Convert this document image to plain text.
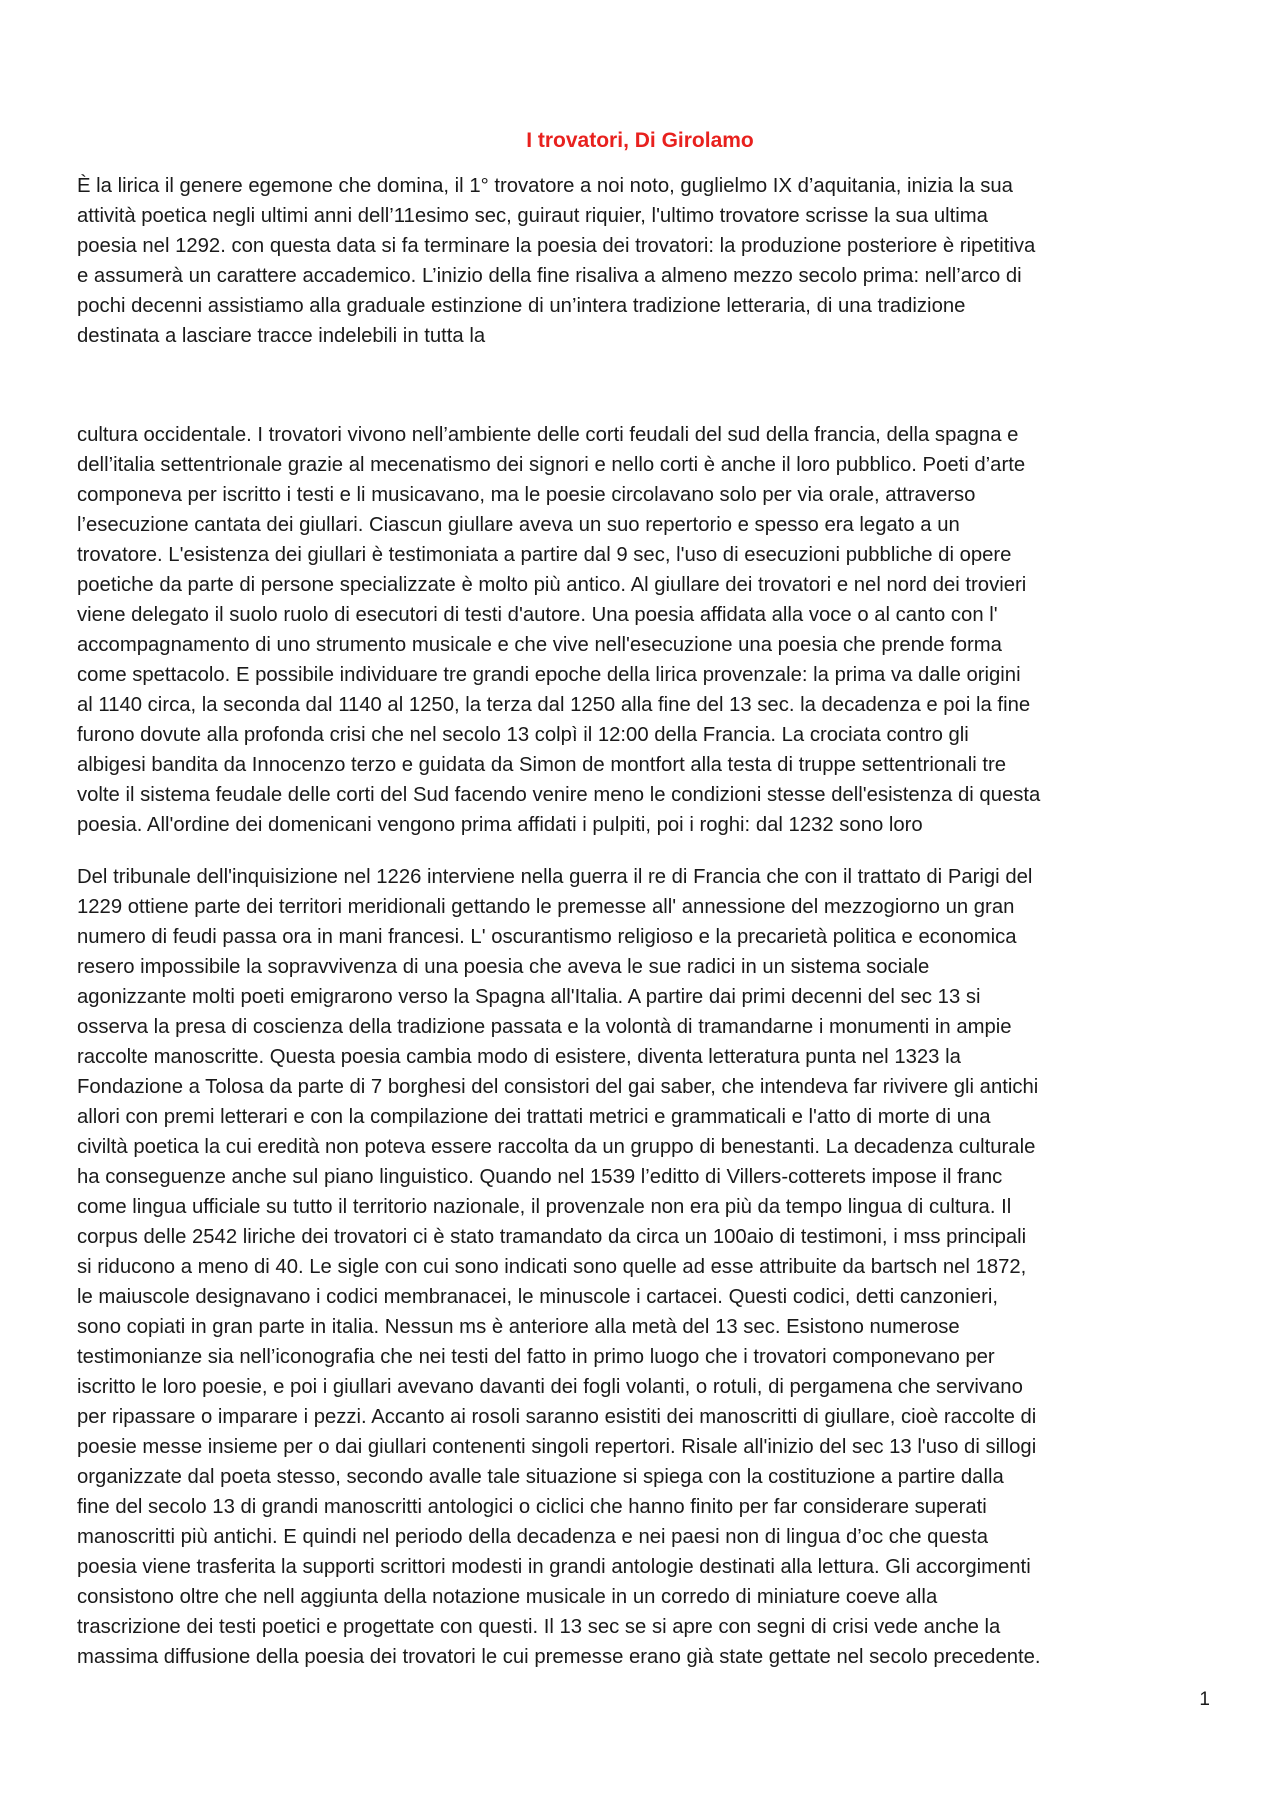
I trovatori, Di Girolamo
È la lirica il genere egemone che domina, il 1° trovatore a noi noto, guglielmo IX d’aquitania, inizia la sua
attività poetica negli ultimi anni dell’11esimo sec, guiraut riquier, l'ultimo trovatore scrisse la sua ultima
poesia nel 1292. con questa data si fa terminare la poesia dei trovatori: la produzione posteriore è ripetitiva
e assumerà un carattere accademico. L’inizio della fine risaliva a almeno mezzo secolo prima: nell’arco di
pochi decenni assistiamo alla graduale estinzione di un’intera tradizione letteraria, di una tradizione
destinata a lasciare tracce indelebili in tutta la
cultura occidentale. I trovatori vivono nell’ambiente delle corti feudali del sud della francia, della spagna e
dell’italia settentrionale grazie al mecenatismo dei signori e nello corti è anche il loro pubblico. Poeti d’arte
componeva per iscritto i testi e li musicavano, ma le poesie circolavano solo per via orale, attraverso
l’esecuzione cantata dei giullari. Ciascun giullare aveva un suo repertorio e spesso era legato a un
trovatore. L'esistenza dei giullari è testimoniata a partire dal 9 sec, l'uso di esecuzioni pubbliche di opere
poetiche da parte di persone specializzate è molto più antico. Al giullare dei trovatori e nel nord dei trovieri
viene delegato il suolo ruolo di esecutori di testi d'autore. Una poesia affidata alla voce o al canto con l'
accompagnamento di uno strumento musicale e che vive nell'esecuzione una poesia che prende forma
come spettacolo. E possibile individuare tre grandi epoche della lirica provenzale: la prima va dalle origini
al 1140 circa, la seconda dal 1140 al 1250, la terza dal 1250 alla fine del 13 sec. la decadenza e poi la fine
furono dovute alla profonda crisi che nel secolo 13 colpì il 12:00 della Francia. La crociata contro gli
albigesi bandita da Innocenzo terzo e guidata da Simon de montfort alla testa di truppe settentrionali tre
volte il sistema feudale delle corti del Sud facendo venire meno le condizioni stesse dell'esistenza di questa
poesia. All'ordine dei domenicani vengono prima affidati i pulpiti, poi i roghi: dal 1232 sono loro
Del tribunale dell'inquisizione nel 1226 interviene nella guerra il re di Francia che con il trattato di Parigi del
1229 ottiene parte dei territori meridionali gettando le premesse all' annessione del mezzogiorno un gran
numero di feudi passa ora in mani francesi. L' oscurantismo religioso e la precarietà politica e economica
resero impossibile la sopravvivenza di una poesia che aveva le sue radici in un sistema sociale
agonizzante molti poeti emigrarono verso la Spagna all'Italia. A partire dai primi decenni del sec 13 si
osserva la presa di coscienza della tradizione passata e la volontà di tramandarne i monumenti in ampie
raccolte manoscritte. Questa poesia cambia modo di esistere, diventa letteratura punta nel 1323 la
Fondazione a Tolosa da parte di 7 borghesi del consistori del gai saber, che intendeva far rivivere gli antichi
allori con premi letterari e con la compilazione dei trattati metrici e grammaticali e l'atto di morte di una
civiltà poetica la cui eredità non poteva essere raccolta da un gruppo di benestanti. La decadenza culturale
ha conseguenze anche sul piano linguistico. Quando nel 1539 l’editto di Villers-cotterets impose il franc
come lingua ufficiale su tutto il territorio nazionale, il provenzale non era più da tempo lingua di cultura. Il
corpus delle 2542 liriche dei trovatori ci è stato tramandato da circa un 100aio di testimoni, i mss principali
si riducono a meno di 40. Le sigle con cui sono indicati sono quelle ad esse attribuite da bartsch nel 1872,
le maiuscole designavano i codici membranacei, le minuscole i cartacei. Questi codici, detti canzonieri,
sono copiati in gran parte in italia. Nessun ms è anteriore alla metà del 13 sec. Esistono numerose
testimonianze sia nell’iconografia che nei testi del fatto in primo luogo che i trovatori componevano per
iscritto le loro poesie, e poi i giullari avevano davanti dei fogli volanti, o rotuli, di pergamena che servivano
per ripassare o imparare i pezzi. Accanto ai rosoli saranno esistiti dei manoscritti di giullare, cioè raccolte di
poesie messe insieme per o dai giullari contenenti singoli repertori. Risale all'inizio del sec 13 l'uso di sillogi
organizzate dal poeta stesso, secondo avalle tale situazione si spiega con la costituzione a partire dalla
fine del secolo 13 di grandi manoscritti antologici o ciclici che hanno finito per far considerare superati
manoscritti più antichi. E quindi nel periodo della decadenza e nei paesi non di lingua d’oc che questa
poesia viene trasferita la supporti scrittori modesti in grandi antologie destinati alla lettura. Gli accorgimenti
consistono oltre che nell aggiunta della notazione musicale in un corredo di miniature coeve alla
trascrizione dei testi poetici e progettate con questi. Il 13 sec se si apre con segni di crisi vede anche la
massima diffusione della poesia dei trovatori le cui premesse erano già state gettate nel secolo precedente.
1
